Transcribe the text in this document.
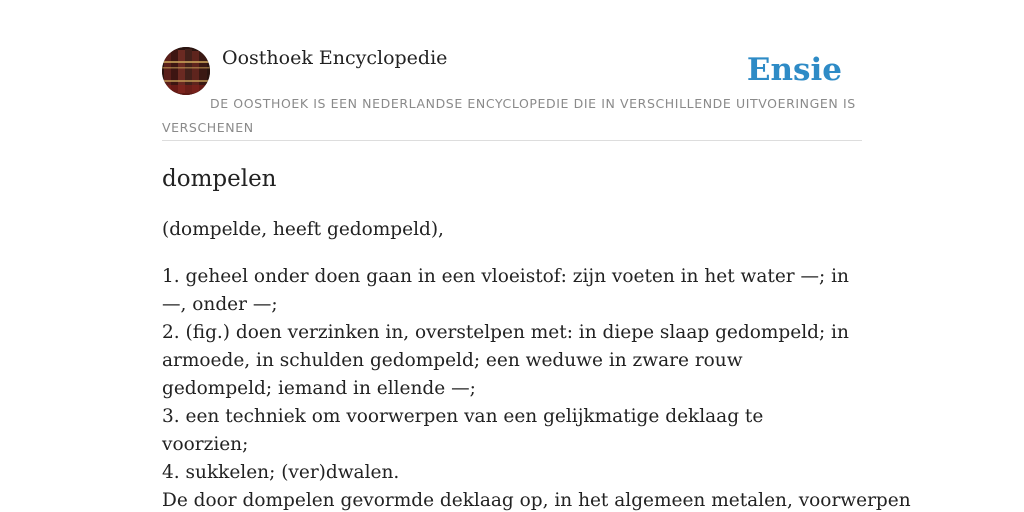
Oosthoek Encyclopedie	Ensie
DE OOSTHOEK IS EEN NEDERLANDSE ENCYCLOPEDIE DIE IN VERSCHILLENDE UITVOERINGEN IS VERSCHENEN
dompelen
(dompelde, heeft gedompeld),
1. geheel onder doen gaan in een vloeistof: zijn voeten in het water —; in —, onder —;
2. (fig.) doen verzinken in, overstelpen met: in diepe slaap gedompeld; in armoede, in schulden gedompeld; een weduwe in zware rouw gedompeld; iemand in ellende —;
3. een techniek om voorwerpen van een gelijkmatige deklaag te voorzien;
4. sukkelen; (ver)dwalen.
De door dompelen gevormde deklaag op, in het algemeen metalen, voorwerpen
